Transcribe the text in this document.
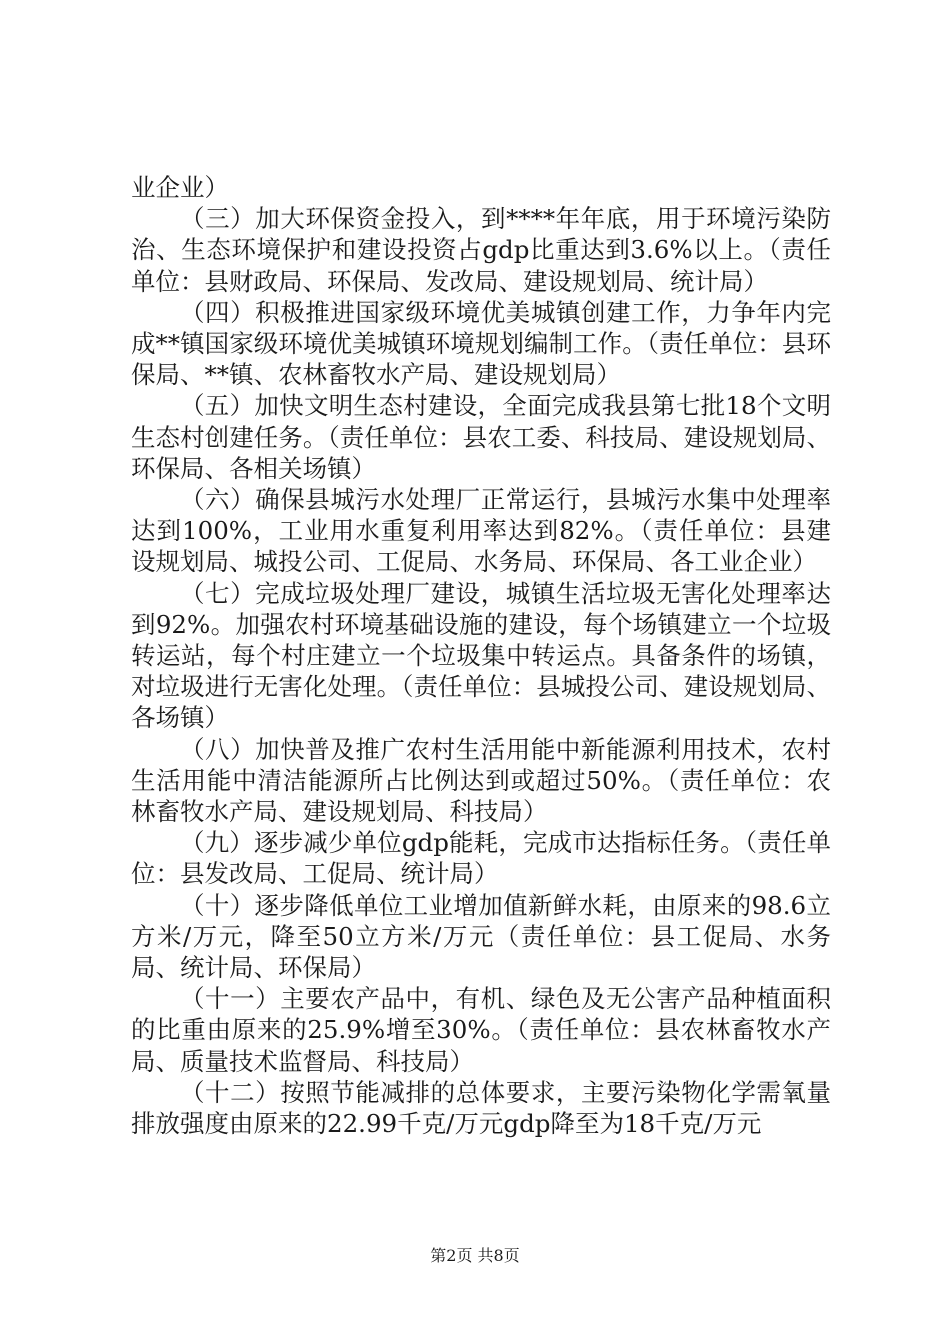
业企业）

（三）加大环保资金投入，到****年年底，用于环境污染防治、生态环境保护和建设投资占gdp比重达到3.6%以上。（责任单位：县财政局、环保局、发改局、建设规划局、统计局）

（四）积极推进国家级环境优美城镇创建工作，力争年内完成**镇国家级环境优美城镇环境规划编制工作。（责任单位：县环保局、**镇、农林畜牧水产局、建设规划局）

（五）加快文明生态村建设，全面完成我县第七批18个文明生态村创建任务。（责任单位：县农工委、科技局、建设规划局、环保局、各相关场镇）

（六）确保县城污水处理厂正常运行，县城污水集中处理率达到100%，工业用水重复利用率达到82%。（责任单位：县建设规划局、城投公司、工促局、水务局、环保局、各工业企业）

（七）完成垃圾处理厂建设，城镇生活垃圾无害化处理率达到92%。加强农村环境基础设施的建设，每个场镇建立一个垃圾转运站，每个村庄建立一个垃圾集中转运点。具备条件的场镇，对垃圾进行无害化处理。（责任单位：县城投公司、建设规划局、各场镇）

（八）加快普及推广农村生活用能中新能源利用技术，农村生活用能中清洁能源所占比例达到或超过50%。（责任单位：农林畜牧水产局、建设规划局、科技局）

（九）逐步减少单位gdp能耗，完成市达指标任务。（责任单位：县发改局、工促局、统计局）

（十）逐步降低单位工业增加值新鲜水耗，由原来的98.6立方米/万元，降至50立方米/万元（责任单位：县工促局、水务局、统计局、环保局）

（十一）主要农产品中，有机、绿色及无公害产品种植面积的比重由原来的25.9%增至30%。（责任单位：县农林畜牧水产局、质量技术监督局、科技局）

（十二）按照节能减排的总体要求，主要污染物化学需氧量排放强度由原来的22.99千克/万元gdp降至为18千克/万元

第2页 共8页
